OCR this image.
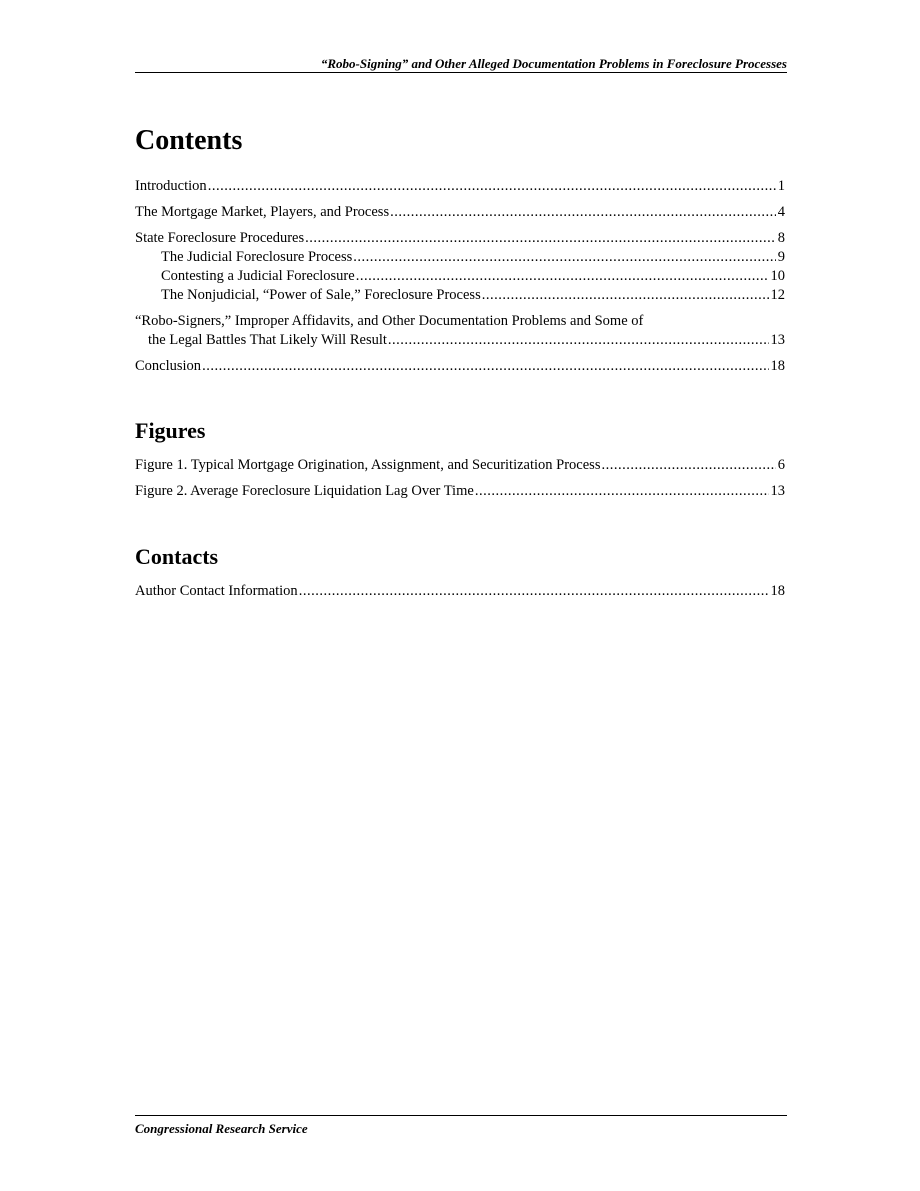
“Robo-Signing” and Other Alleged Documentation Problems in Foreclosure Processes
Contents
Introduction .....	1
The Mortgage Market, Players, and Process .....	4
State Foreclosure Procedures .....	8
The Judicial Foreclosure Process .....	9
Contesting a Judicial Foreclosure .....	10
The Nonjudicial, “Power of Sale,” Foreclosure Process .....	12
“Robo-Signers,” Improper Affidavits, and Other Documentation Problems and Some of
the Legal Battles That Likely Will Result .....	13
Conclusion .....	18
Figures
Figure 1. Typical Mortgage Origination, Assignment, and Securitization Process .....	6
Figure 2. Average Foreclosure Liquidation Lag Over Time .....	13
Contacts
Author Contact Information .....	18
Congressional Research Service
